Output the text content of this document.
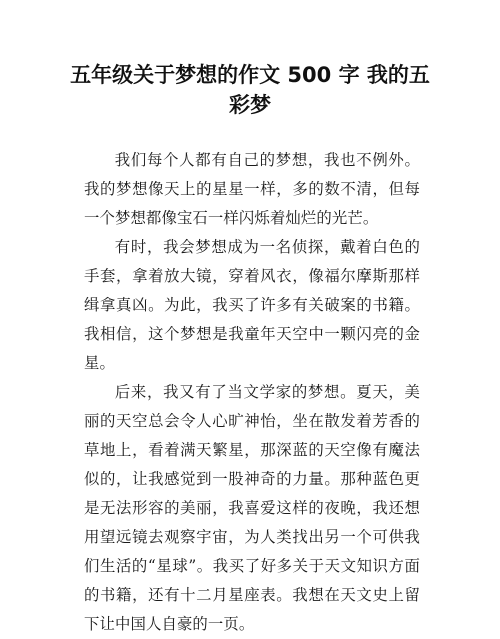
五年级关于梦想的作文 500 字 我的五彩梦

我们每个人都有自己的梦想，我也不例外。我的梦想像天上的星星一样，多的数不清，但每一个梦想都像宝石一样闪烁着灿烂的光芒。

有时，我会梦想成为一名侦探，戴着白色的手套，拿着放大镜，穿着风衣，像福尔摩斯那样缉拿真凶。为此，我买了许多有关破案的书籍。我相信，这个梦想是我童年天空中一颗闪亮的金星。

后来，我又有了当文学家的梦想。夏天，美丽的天空总会令人心旷神怡，坐在散发着芳香的草地上，看着满天繁星，那深蓝的天空像有魔法似的，让我感觉到一股神奇的力量。那种蓝色更是无法形容的美丽，我喜爱这样的夜晚，我还想用望远镜去观察宇宙，为人类找出另一个可供我们生活的“星球”。我买了好多关于天文知识方面的书籍，还有十二月星座表。我想在天文史上留下让中国人自豪的一页。
